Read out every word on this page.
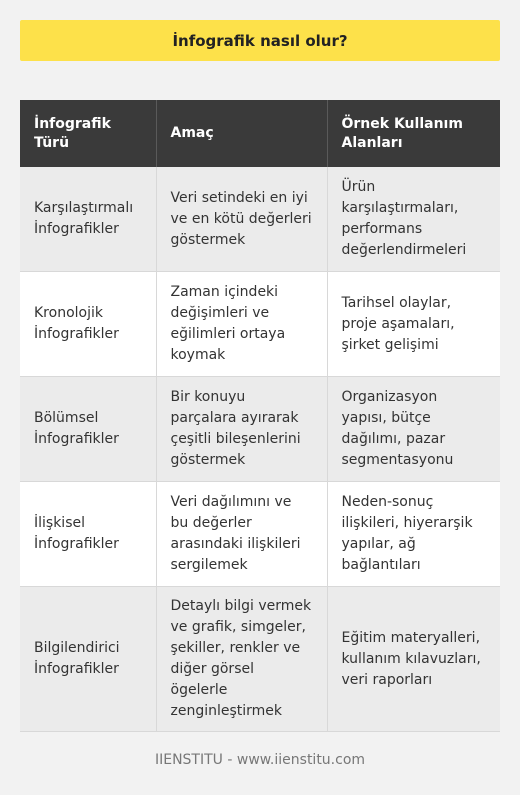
İnfografik nasıl olur?
İnfografik Türü	Amaç	Örnek Kullanım Alanları
Karşılaştırmalı İnfografikler	Veri setindeki en iyi ve en kötü değerleri göstermek	Ürün karşılaştırmaları, performans değerlendirmeleri
Kronolojik İnfografikler	Zaman içindeki değişimleri ve eğilimleri ortaya koymak	Tarihsel olaylar, proje aşamaları, şirket gelişimi
Bölümsel İnfografikler	Bir konuyu parçalara ayırarak çeşitli bileşenlerini göstermek	Organizasyon yapısı, bütçe dağılımı, pazar segmentasyonu
İlişkisel İnfografikler	Veri dağılımını ve bu değerler arasındaki ilişkileri sergilemek	Neden-sonuç ilişkileri, hiyerarşik yapılar, ağ bağlantıları
Bilgilendirici İnfografikler	Detaylı bilgi vermek ve grafik, simgeler, şekiller, renkler ve diğer görsel ögelerle zenginleştirmek	Eğitim materyalleri, kullanım kılavuzları, veri raporları
IIENSTITU - www.iienstitu.com
